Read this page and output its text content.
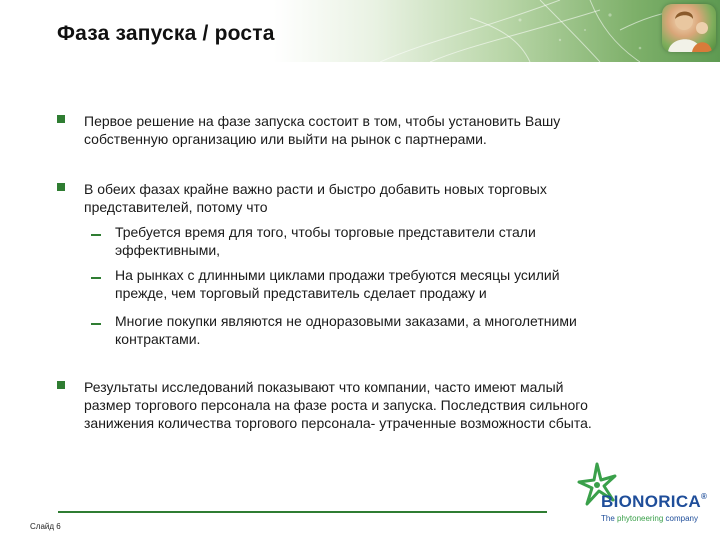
Фаза запуска / роста
Первое решение на фазе запуска состоит в том, чтобы установить Вашу
собственную организацию или выйти на рынок с партнерами.
В обеих фазах крайне важно расти и быстро добавить новых торговых
представителей, потому что
Требуется время для того, чтобы торговые представители стали
эффективными,
На рынках с длинными циклами продажи требуются месяцы усилий
прежде, чем торговый представитель сделает продажу и
Многие покупки являются не одноразовыми заказами, а многолетними
контрактами.
Результаты исследований показывают что компании, часто имеют малый
размер торгового персонала на фазе роста и запуска. Последствия сильного
занижения количества торгового персонала- утраченные возможности сбыта.
Слайд 6
BIONORICA®
The phytoneering company
